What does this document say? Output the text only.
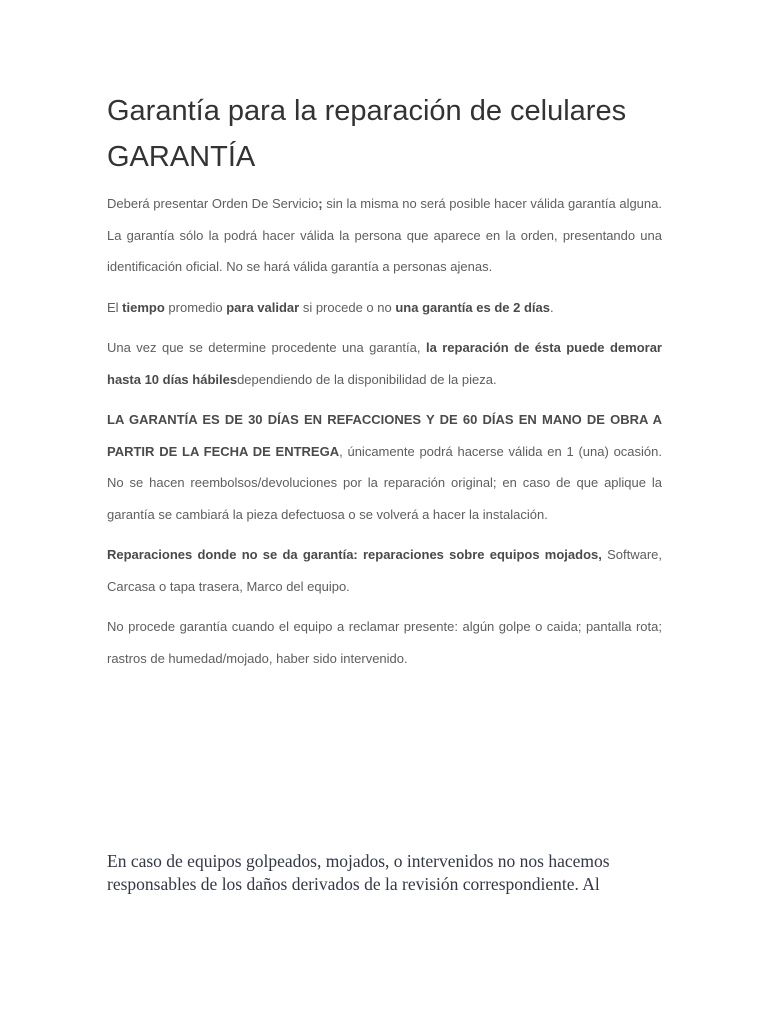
Garantía para la reparación de celulares
GARANTÍA

Deberá presentar Orden De Servicio; sin la misma no será posible hacer válida garantía alguna. La garantía sólo la podrá hacer válida la persona que aparece en la orden, presentando una identificación oficial. No se hará válida garantía a personas ajenas.

El tiempo promedio para validar si procede o no una garantía es de 2 días.

Una vez que se determine procedente una garantía, la reparación de ésta puede demorar hasta 10 días hábilesdependiendo de la disponibilidad de la pieza.

LA GARANTÍA ES DE 30 DÍAS EN REFACCIONES Y DE 60 DÍAS EN MANO DE OBRA A PARTIR DE LA FECHA DE ENTREGA, únicamente podrá hacerse válida en 1 (una) ocasión. No se hacen reembolsos/devoluciones por la reparación original; en caso de que aplique la garantía se cambiará la pieza defectuosa o se volverá a hacer la instalación.

Reparaciones donde no se da garantía: reparaciones sobre equipos mojados, Software, Carcasa o tapa trasera, Marco del equipo.

No procede garantía cuando el equipo a reclamar presente: algún golpe o caida; pantalla rota; rastros de humedad/mojado, haber sido intervenido.

En caso de equipos golpeados, mojados, o intervenidos no nos hacemos responsables de los daños derivados de la revisión correspondiente. Al
